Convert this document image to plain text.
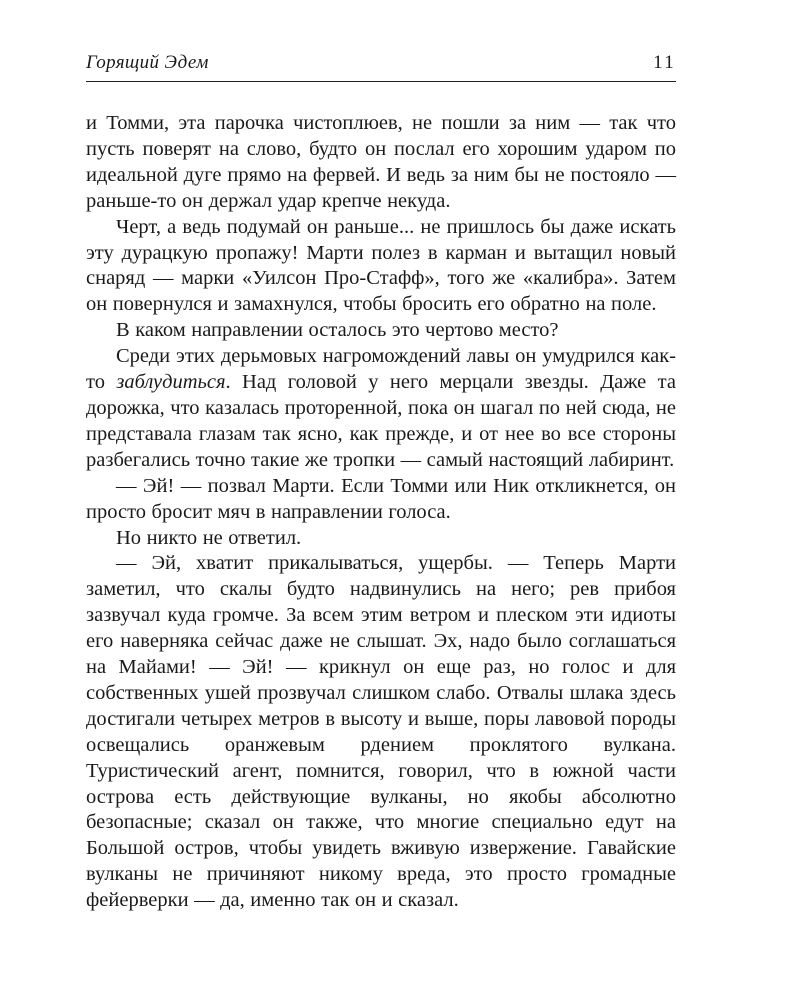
Горящий Эдем	11

и Томми, эта парочка чистоплюев, не пошли за ним — так что пусть поверят на слово, будто он послал его хорошим ударом по идеальной дуге прямо на фервей. И ведь за ним бы не постояло — раньше-то он держал удар крепче некуда.

Черт, а ведь подумай он раньше... не пришлось бы даже искать эту дурацкую пропажу! Марти полез в карман и вытащил новый снаряд — марки «Уилсон Про-Стафф», того же «калибра». Затем он повернулся и замахнулся, чтобы бросить его обратно на поле.

В каком направлении осталось это чертово место?

Среди этих дерьмовых нагромождений лавы он умудрился как-то заблудиться. Над головой у него мерцали звезды. Даже та дорожка, что казалась проторенной, пока он шагал по ней сюда, не представала глазам так ясно, как прежде, и от нее во все стороны разбегались точно такие же тропки — самый настоящий лабиринт.

— Эй! — позвал Марти. Если Томми или Ник откликнется, он просто бросит мяч в направлении голоса.

Но никто не ответил.

— Эй, хватит прикалываться, ущербы. — Теперь Марти заметил, что скалы будто надвинулись на него; рев прибоя зазвучал куда громче. За всем этим ветром и плеском эти идиоты его наверняка сейчас даже не слышат. Эх, надо было соглашаться на Майами! — Эй! — крикнул он еще раз, но голос и для собственных ушей прозвучал слишком слабо. Отвалы шлака здесь достигали четырех метров в высоту и выше, поры лавовой породы освещались оранжевым рдением проклятого вулкана. Туристический агент, помнится, говорил, что в южной части острова есть действующие вулканы, но якобы абсолютно безопасные; сказал он также, что многие специально едут на Большой остров, чтобы увидеть вживую извержение. Гавайские вулканы не причиняют никому вреда, это просто громадные фейерверки — да, именно так он и сказал.
